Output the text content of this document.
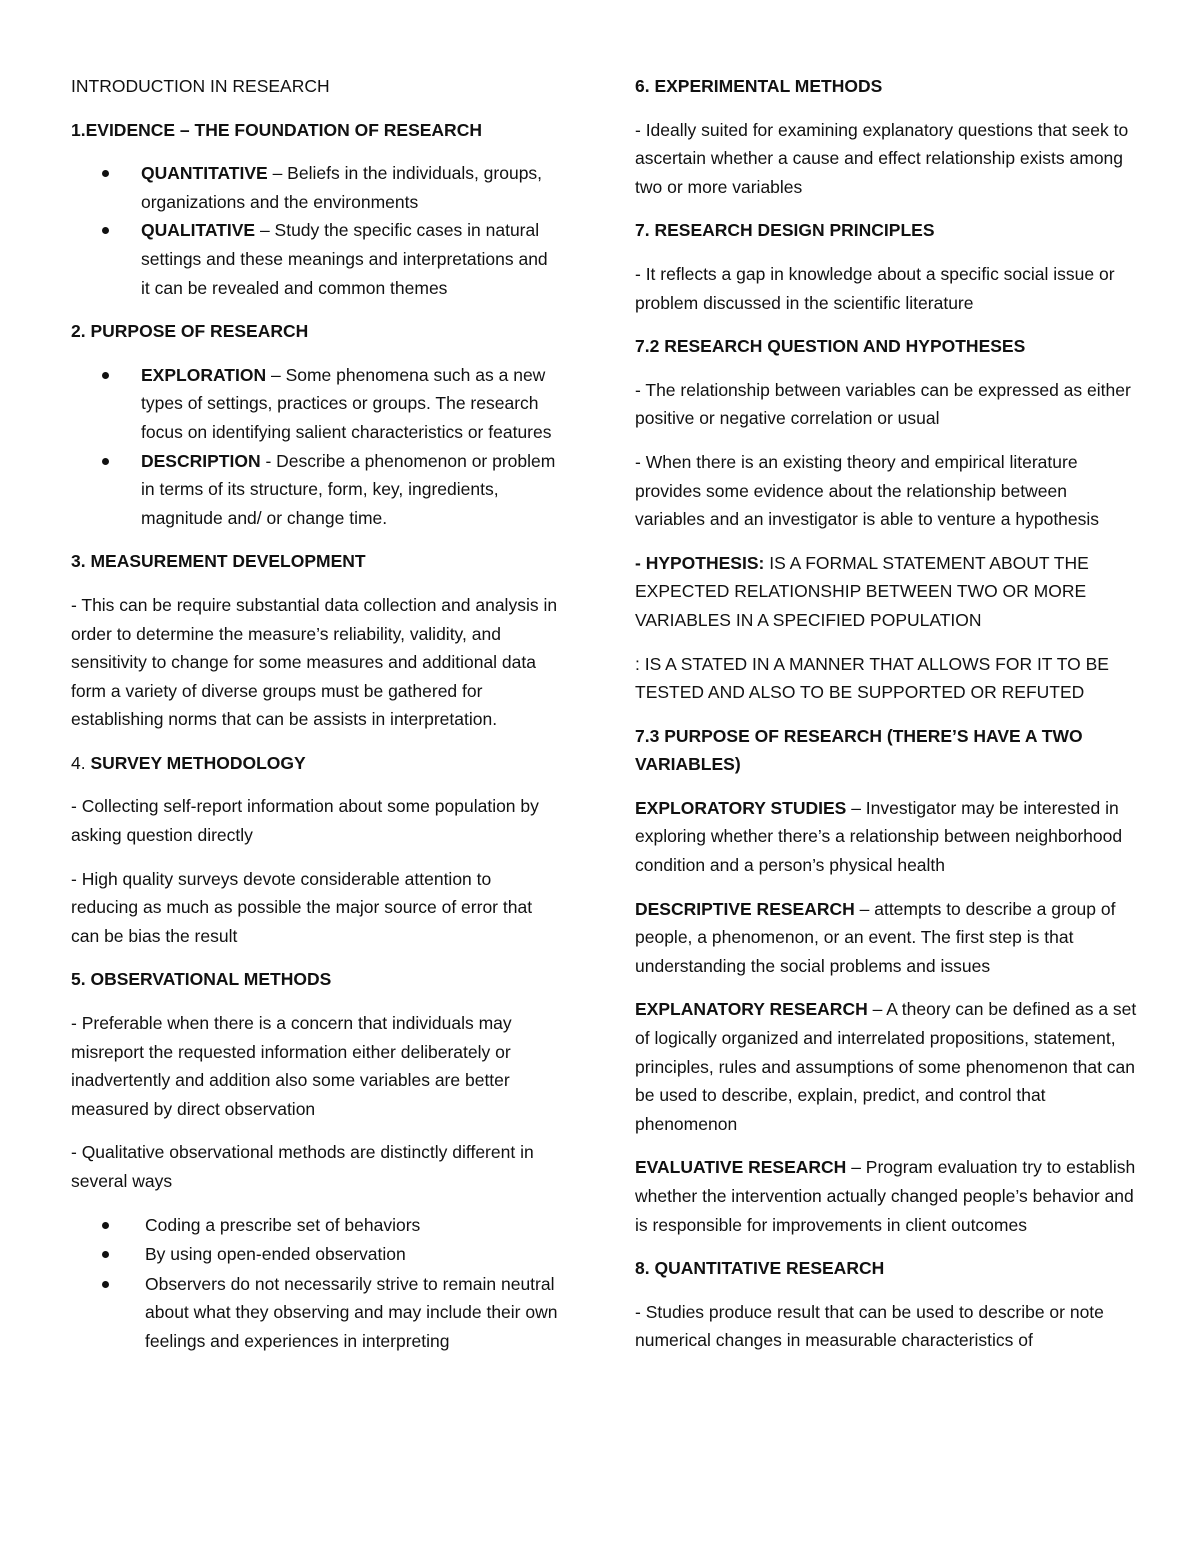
INTRODUCTION IN RESEARCH

1.EVIDENCE – THE FOUNDATION OF RESEARCH

QUANTITATIVE – Beliefs in the individuals, groups, organizations and the environments
QUALITATIVE – Study the specific cases in natural settings and these meanings and interpretations and it can be revealed and common themes

2. PURPOSE OF RESEARCH

EXPLORATION – Some phenomena such as a new types of settings, practices or groups. The research focus on identifying salient characteristics or features
DESCRIPTION - Describe a phenomenon or problem in terms of its structure, form, key, ingredients, magnitude and/ or change time.

3. MEASUREMENT DEVELOPMENT

- This can be require substantial data collection and analysis in order to determine the measure’s reliability, validity, and sensitivity to change for some measures and additional data form a variety of diverse groups must be gathered for establishing norms that can be assists in interpretation.

4. SURVEY METHODOLOGY

- Collecting self-report information about some population by asking question directly

- High quality surveys devote considerable attention to reducing as much as possible the major source of error that can be bias the result

5. OBSERVATIONAL METHODS

- Preferable when there is a concern that individuals may misreport the requested information either deliberately or inadvertently and addition also some variables are better measured by direct observation

- Qualitative observational methods are distinctly different in several ways

Coding a prescribe set of behaviors
By using open-ended observation
Observers do not necessarily strive to remain neutral about what they observing and may include their own feelings and experiences in interpreting

6. EXPERIMENTAL METHODS

- Ideally suited for examining explanatory questions that seek to ascertain whether a cause and effect relationship exists among two or more variables

7. RESEARCH DESIGN PRINCIPLES

- It reflects a gap in knowledge about a specific social issue or problem discussed in the scientific literature

7.2 RESEARCH QUESTION AND HYPOTHESES

- The relationship between variables can be expressed as either positive or negative correlation or usual

- When there is an existing theory and empirical literature provides some evidence about the relationship between variables and an investigator is able to venture a hypothesis

- HYPOTHESIS: IS A FORMAL STATEMENT ABOUT THE EXPECTED RELATIONSHIP BETWEEN TWO OR MORE VARIABLES IN A SPECIFIED POPULATION

: IS A STATED IN A MANNER THAT ALLOWS FOR IT TO BE TESTED AND ALSO TO BE SUPPORTED OR REFUTED

7.3 PURPOSE OF RESEARCH (THERE’S HAVE A TWO VARIABLES)

EXPLORATORY STUDIES – Investigator may be interested in exploring whether there’s a relationship between neighborhood condition and a person’s physical health

DESCRIPTIVE RESEARCH – attempts to describe a group of people, a phenomenon, or an event. The first step is that understanding the social problems and issues

EXPLANATORY RESEARCH – A theory can be defined as a set of logically organized and interrelated propositions, statement, principles, rules and assumptions of some phenomenon that can be used to describe, explain, predict, and control that phenomenon

EVALUATIVE RESEARCH – Program evaluation try to establish whether the intervention actually changed people’s behavior and is responsible for improvements in client outcomes

8. QUANTITATIVE RESEARCH

- Studies produce result that can be used to describe or note numerical changes in measurable characteristics of
